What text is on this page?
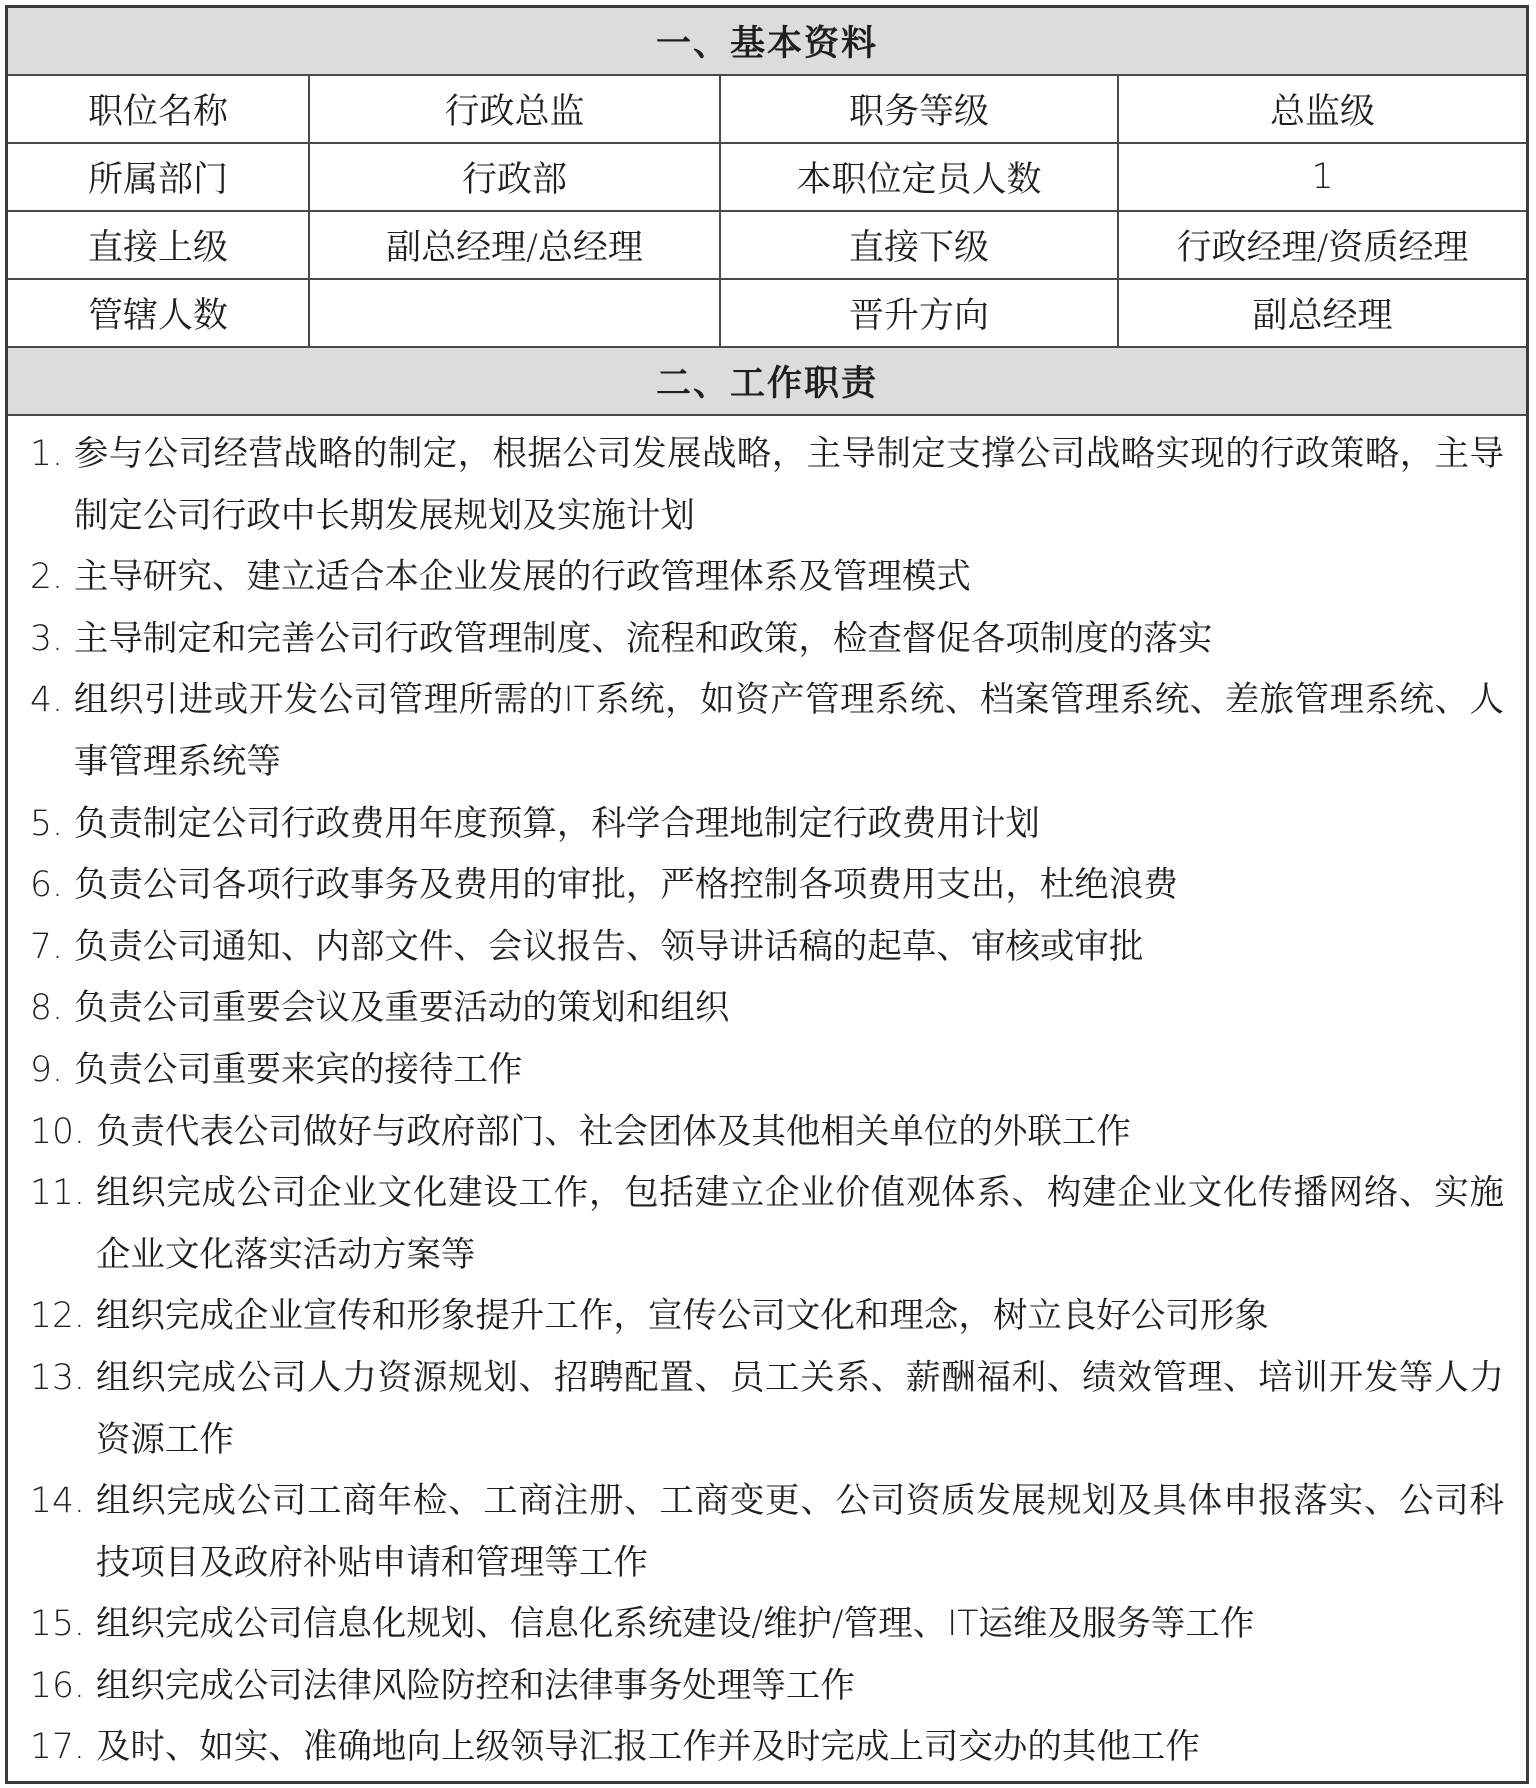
一、基本资料			
职位名称	行政总监	职务等级	总监级
所属部门	行政部	本职位定员人数	1
直接上级	副总经理/总经理	直接下级	行政经理/资质经理
管辖人数		晋升方向	副总经理
二、工作职责			
1. 参与公司经营战略的制定，根据公司发展战略，主导制定支撑公司战略实现的行政策略，主导制定公司行政中长期发展规划及实施计划
2. 主导研究、建立适合本企业发展的行政管理体系及管理模式
3. 主导制定和完善公司行政管理制度、流程和政策，检查督促各项制度的落实
4. 组织引进或开发公司管理所需的IT系统，如资产管理系统、档案管理系统、差旅管理系统、人事管理系统等
5. 负责制定公司行政费用年度预算，科学合理地制定行政费用计划
6. 负责公司各项行政事务及费用的审批，严格控制各项费用支出，杜绝浪费
7. 负责公司通知、内部文件、会议报告、领导讲话稿的起草、审核或审批
8. 负责公司重要会议及重要活动的策划和组织
9. 负责公司重要来宾的接待工作
10. 负责代表公司做好与政府部门、社会团体及其他相关单位的外联工作
11. 组织完成公司企业文化建设工作，包括建立企业价值观体系、构建企业文化传播网络、实施企业文化落实活动方案等
12. 组织完成企业宣传和形象提升工作，宣传公司文化和理念，树立良好公司形象
13. 组织完成公司人力资源规划、招聘配置、员工关系、薪酬福利、绩效管理、培训开发等人力资源工作
14. 组织完成公司工商年检、工商注册、工商变更、公司资质发展规划及具体申报落实、公司科技项目及政府补贴申请和管理等工作
15. 组织完成公司信息化规划、信息化系统建设/维护/管理、IT运维及服务等工作
16. 组织完成公司法律风险防控和法律事务处理等工作
17. 及时、如实、准确地向上级领导汇报工作并及时完成上司交办的其他工作
